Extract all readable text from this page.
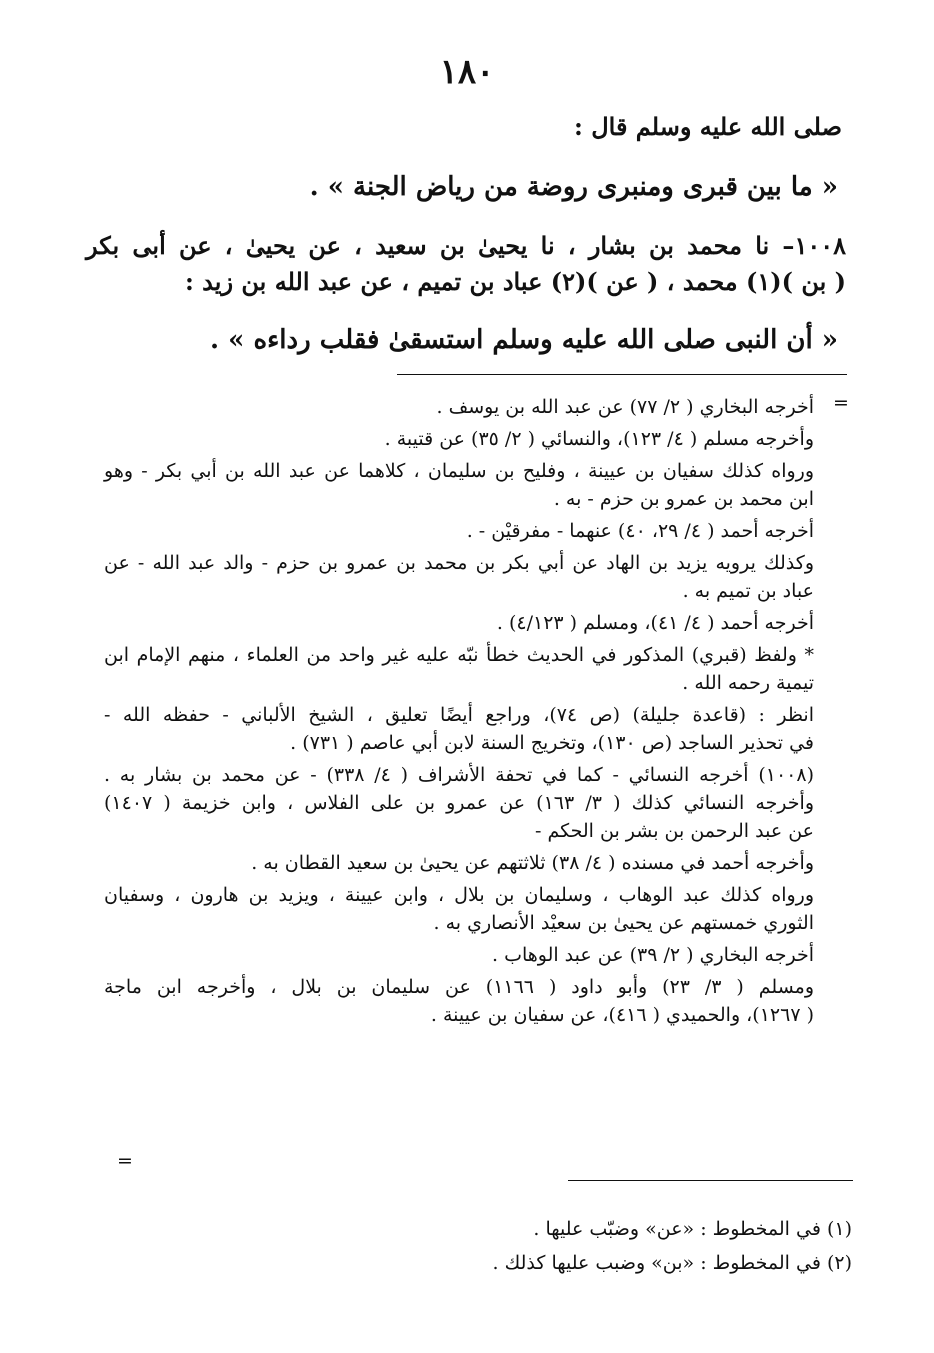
١٨٠
صلى الله عليه وسلم قال :
« ما بين قبرى ومنبرى روضة من رياض الجنة » .
١٠٠٨– نا محمد بن بشار ، نا يحيىٰ بن سعيد ، عن يحيىٰ ، عن أبى بكر
( بن )(١) محمد ، ( عن )(٢) عباد بن تميم ، عن عبد الله بن زيد :
« أن النبى صلى الله عليه وسلم استسقىٰ فقلب رداءه » .
=
أخرجه البخاري ( ٢/ ٧٧) عن عبد الله بن يوسف .
وأخرجه مسلم ( ٤/ ١٢٣)، والنسائي ( ٢/ ٣٥) عن قتيبة .
ورواه كذلك سفيان بن عيينة ، وفليح بن سليمان ، كلاهما عن عبد الله بن أبي بكر - وهو
ابن محمد بن عمرو بن حزم - به .
أخرجه أحمد ( ٤/ ٢٩، ٤٠) عنهما - مفرقيْن - .
وكذلك يرويه يزيد بن الهاد عن أبي بكر بن محمد بن عمرو بن حزم - والد عبد الله - عن
عباد بن تميم به .
أخرجه أحمد ( ٤/ ٤١)، ومسلم ( ٤/١٢٣) .
* ولفظ (قبري) المذكور في الحديث خطأ نبّه عليه غير واحد من العلماء ، منهم الإمام ابن
تيمية رحمه الله .
انظر : (قاعدة جليلة) (ص ٧٤)، وراجع أيضًا تعليق ، الشيخ الألباني - حفظه الله -
في تحذير الساجد (ص ١٣٠)، وتخريج السنة لابن أبي عاصم ( ٧٣١) .
(١٠٠٨) أخرجه النسائي - كما في تحفة الأشراف ( ٤/ ٣٣٨) - عن محمد بن بشار به .
وأخرجه النسائي كذلك ( ٣/ ١٦٣) عن عمرو بن على الفلاس ، وابن خزيمة ( ١٤٠٧)
عن عبد الرحمن بن بشر بن الحكم -
وأخرجه أحمد في مسنده ( ٤/ ٣٨) ثلاثتهم عن يحيىٰ بن سعيد القطان به .
ورواه كذلك عبد الوهاب ، وسليمان بن بلال ، وابن عيينة ، ويزيد بن هارون ، وسفيان
الثوري خمستهم عن يحيىٰ بن سعيْد الأنصاري به .
أخرجه البخاري ( ٢/ ٣٩) عن عبد الوهاب .
ومسلم ( ٣/ ٢٣) وأبو داود ( ١١٦٦) عن سليمان بن بلال ، وأخرجه ابن ماجة
( ١٢٦٧)، والحميدي ( ٤١٦)، عن سفيان بن عيينة .
=
(١) في المخطوط : «عن» وضبّب عليها .
(٢) في المخطوط : «بن» وضبب عليها كذلك .
